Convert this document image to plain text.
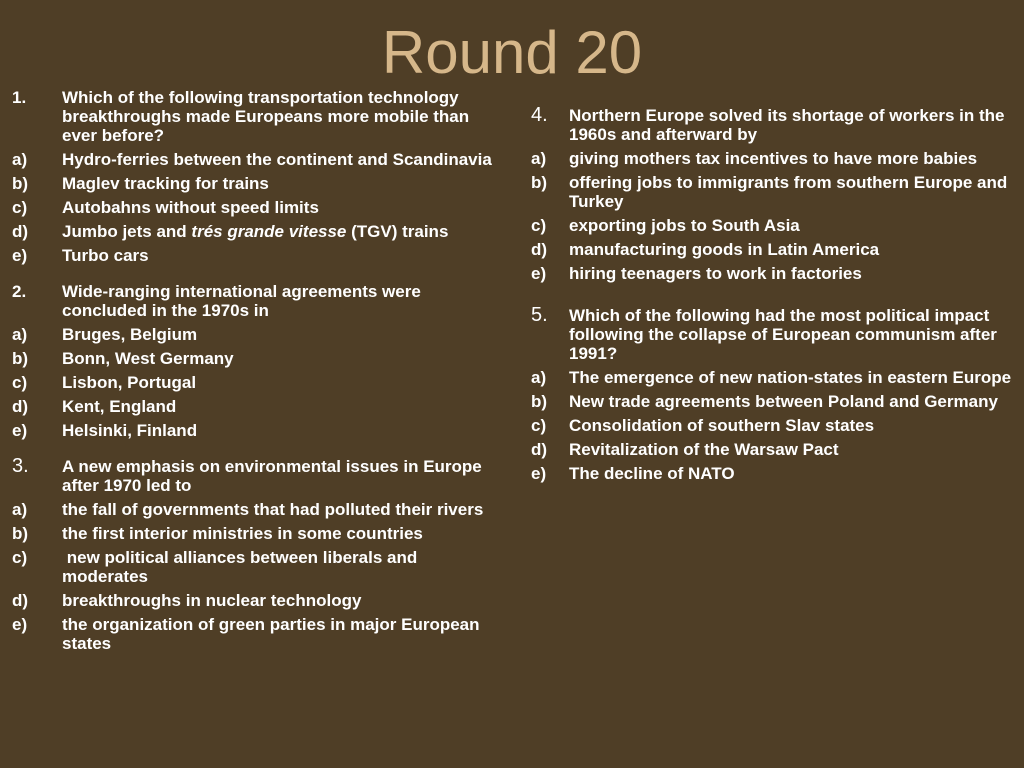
Round 20
1.	Which of the following transportation technology breakthroughs made Europeans more mobile than ever before?
a)	Hydro-ferries between the continent and Scandinavia
b)	Maglev tracking for trains
c)	Autobahns without speed limits
d)	Jumbo jets and trés grande vitesse (TGV) trains
e)	Turbo cars
2.	Wide-ranging international agreements were concluded in the 1970s in
a)	Bruges, Belgium
b)	Bonn, West Germany
c)	Lisbon, Portugal
d)	Kent, England
e)	Helsinki, Finland
3.	A new emphasis on environmental issues in Europe after 1970 led to
a)	the fall of governments that had polluted their rivers
b)	the first interior ministries in some countries
c)	new political alliances between liberals and moderates
d)	breakthroughs in nuclear technology
e)	the organization of green parties in major European states
4.	Northern Europe solved its shortage of workers in the 1960s and afterward by
a)	giving mothers tax incentives to have more babies
b)	offering jobs to immigrants from southern Europe and Turkey
c)	exporting jobs to South Asia
d)	manufacturing goods in Latin America
e)	hiring teenagers to work in factories
5.	Which of the following had the most political impact following the collapse of European communism after 1991?
a)	The emergence of new nation-states in eastern Europe
b)	New trade agreements between Poland and Germany
c)	Consolidation of southern Slav states
d)	Revitalization of the Warsaw Pact
e)	The decline of NATO
